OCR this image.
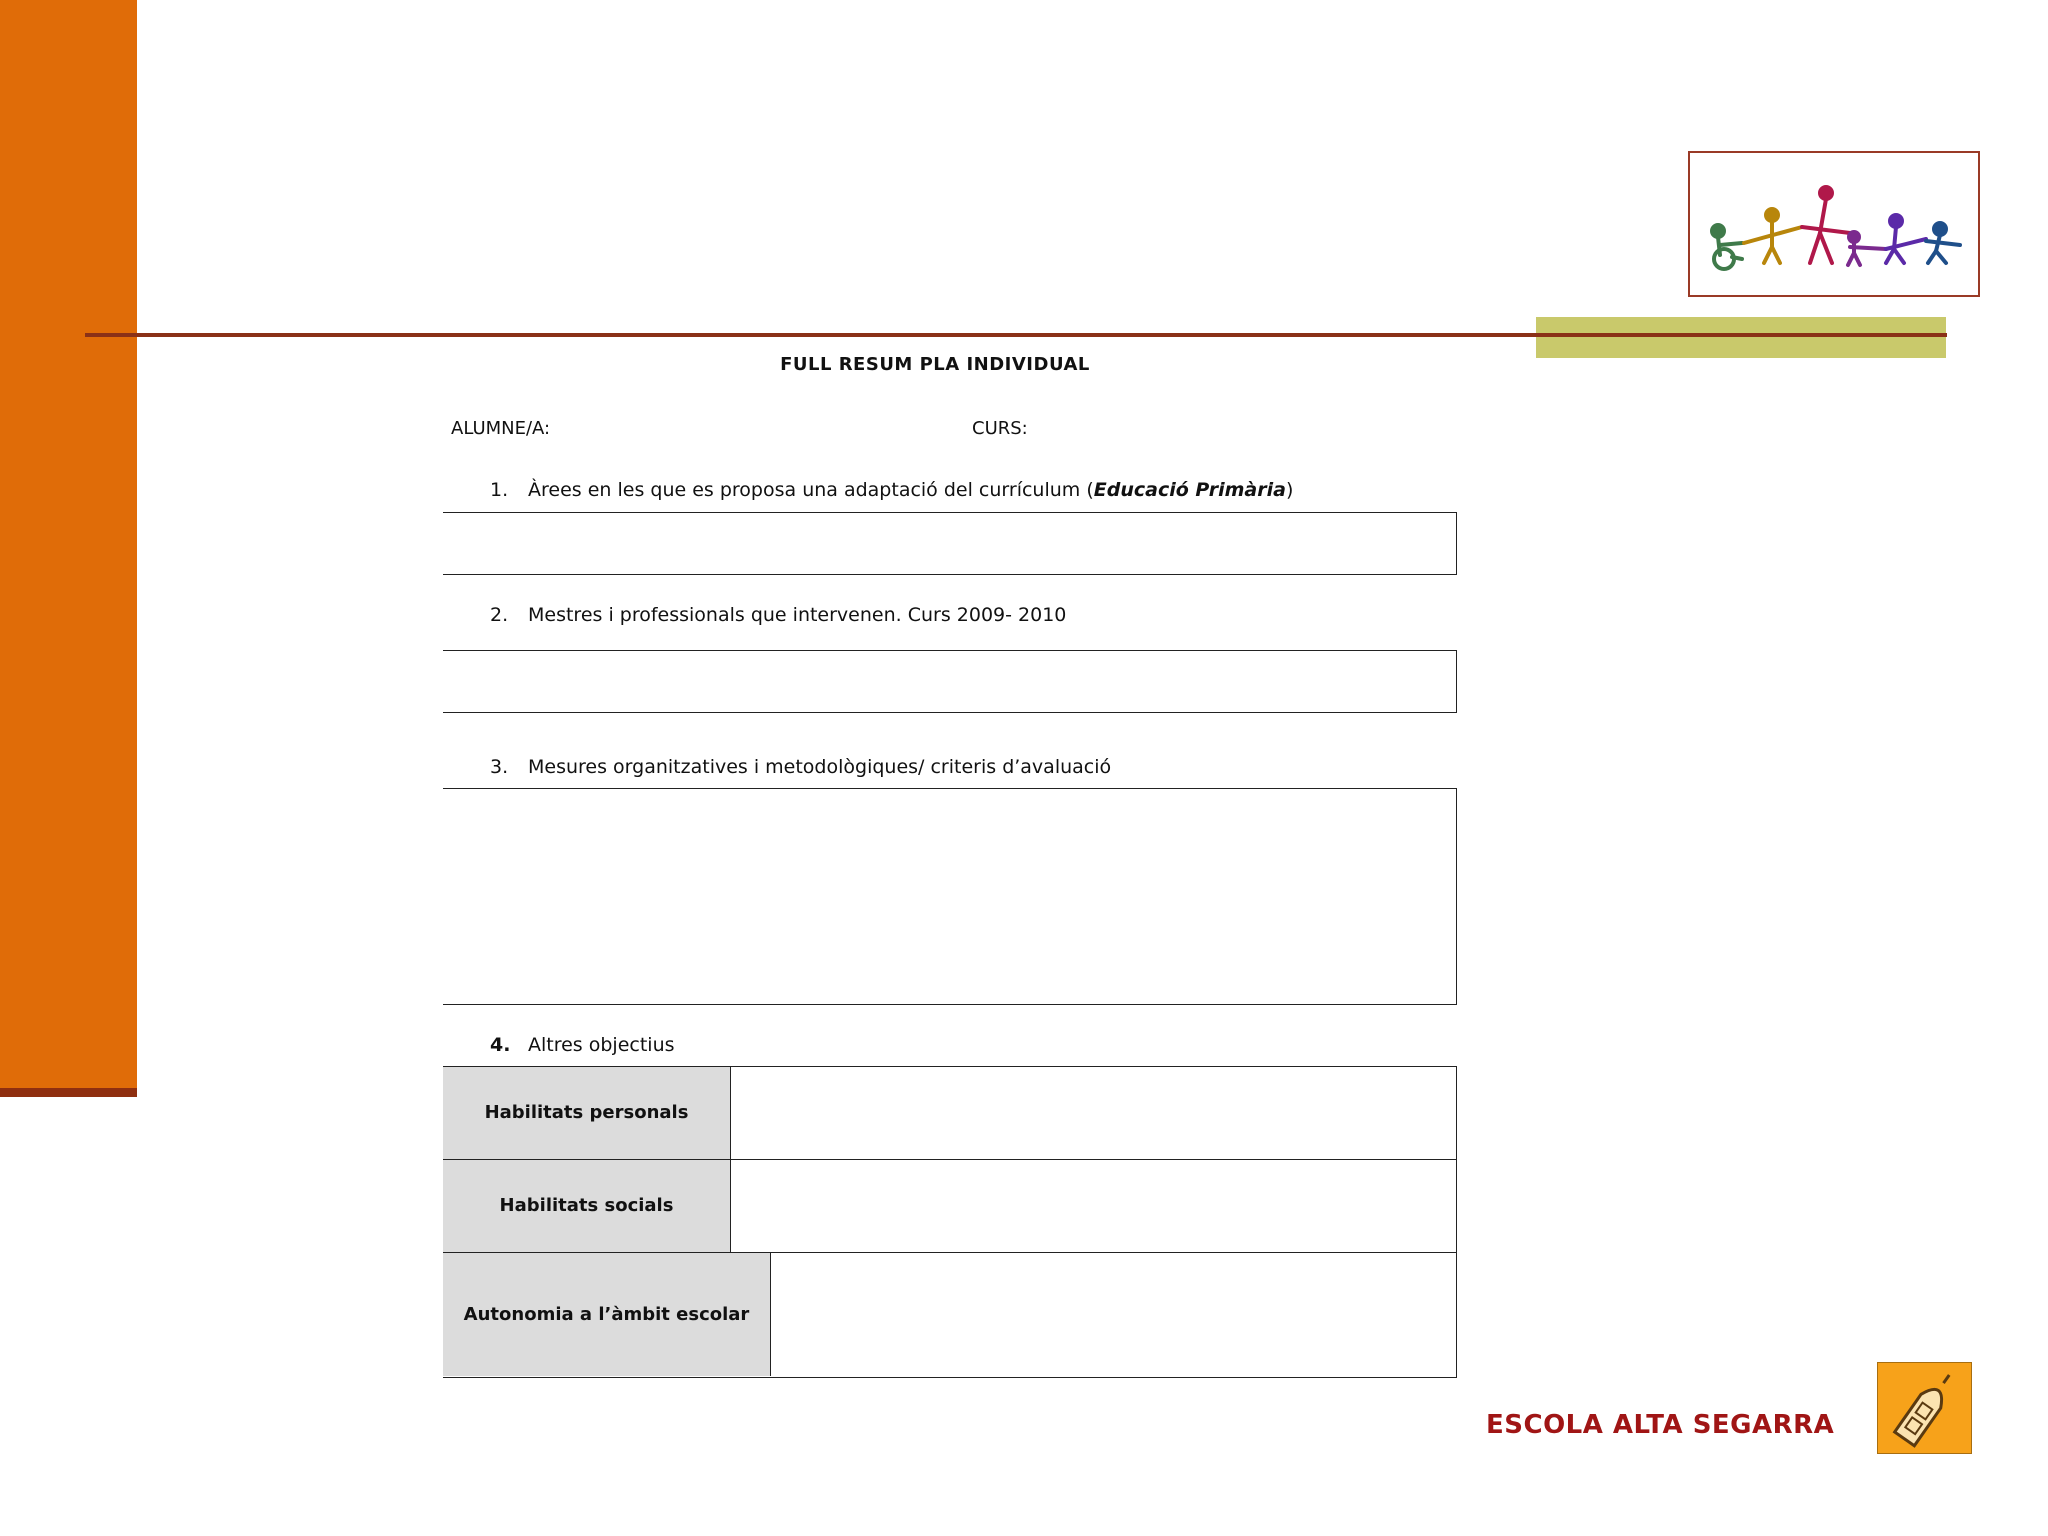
FULL RESUM PLA INDIVIDUAL
ALUMNE/A:	CURS:
1. Àrees en les que es proposa una adaptació del currículum (Educació Primària)
2. Mestres i professionals que intervenen. Curs 2009- 2010
3. Mesures organitzatives i metodològiques/ criteris d’avaluació
4. Altres objectius
Habilitats personals
Habilitats socials
Autonomia a l’àmbit escolar
ESCOLA ALTA SEGARRA
